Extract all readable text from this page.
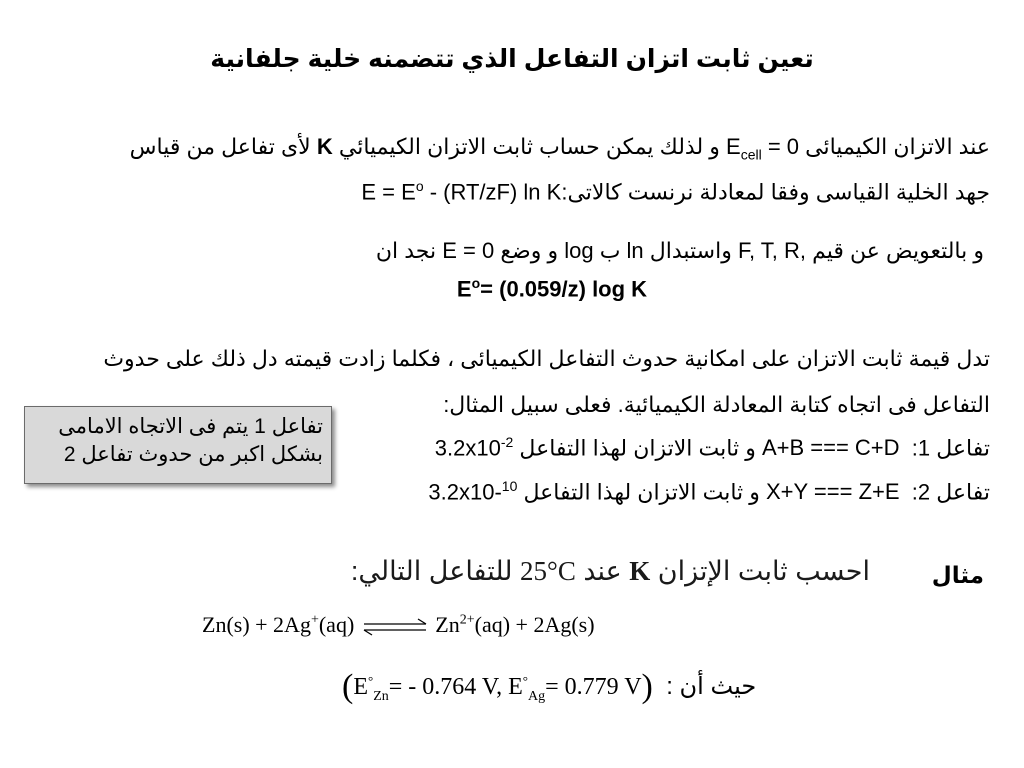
تعين ثابت اتزان التفاعل الذي تتضمنه خلية جلفانية
عند الاتزان الكيميائى $E_{cell} = 0$ و لذلك يمكن حساب ثابت الاتزان الكيميائي K لأى تفاعل من قياس
جهد الخلية القياسى وفقا لمعادلة نرنست كالاتى:E = $E^o - (RT/zF)$ ln K
و بالتعويض عن قيم F, T, R, واستبدال ln ب log و وضع E = 0 نجد ان
$E^o= (0.059/z)$ log K
تدل قيمة ثابت الاتزان على امكانية حدوث التفاعل الكيميائى ، فكلما زادت قيمته دل ذلك على حدوث
التفاعل فى اتجاه كتابة المعادلة الكيميائية. فعلى سبيل المثال:
تفاعل 1:  A+B === C+D و ثابت الاتزان لهذا التفاعل $3.2x10^{-2}$
تفاعل 2:  X+Y === Z+E و ثابت الاتزان لهذا التفاعل 3.2x10-$^{10}$
تفاعل 1 يتم فى الاتجاه الامامى
بشكل اكبر من حدوث تفاعل 2
مثال
احسب ثابت الإتزان K عند 25°C للتفاعل التالي:
Zn(s) + 2Ag+(aq) ⇌ $Zn^{2+}(aq) + 2Ag(s)$
($E^\circ_{Zn}= - 0.764$ V, $E^\circ_{Ag}= 0.779$ V) حيث أن :
